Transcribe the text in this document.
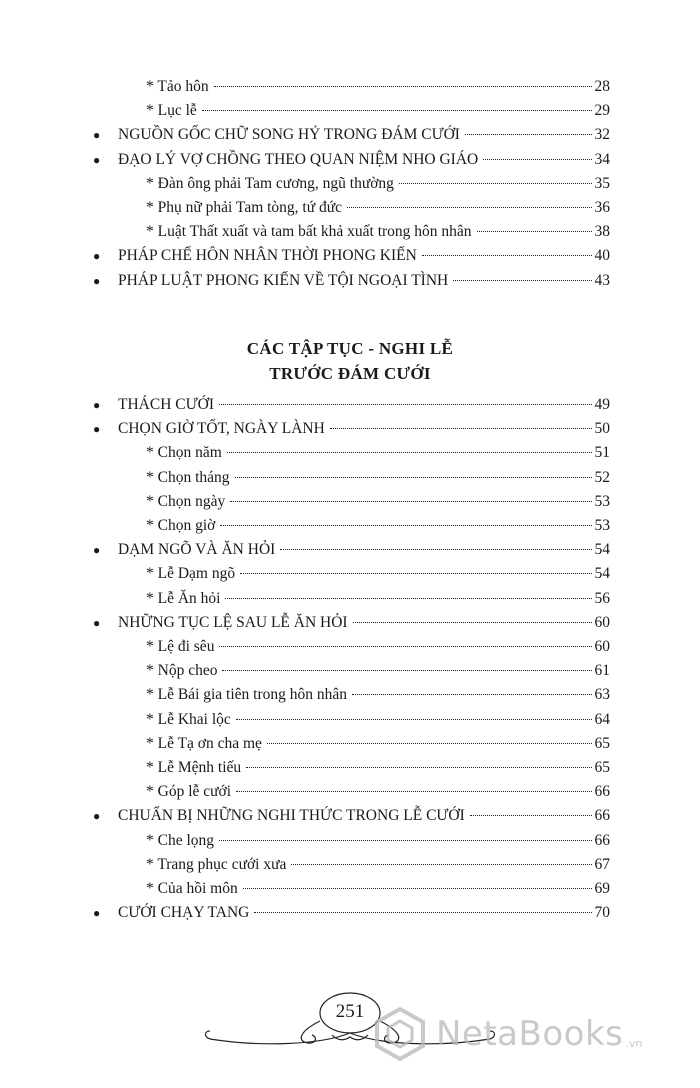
* Tảo hôn	28
* Lục lễ	29
● NGUỒN GỐC CHỮ SONG HỶ TRONG ĐÁM CƯỚI	32
● ĐẠO LÝ VỢ CHỒNG THEO QUAN NIỆM NHO GIÁO	34
* Đàn ông phải Tam cương, ngũ thường	35
* Phụ nữ phải Tam tòng, tứ đức	36
* Luật Thất xuất và tam bất khả xuất trong hôn nhân	38
● PHÁP CHẾ HÔN NHÂN THỜI PHONG KIẾN	40
● PHÁP LUẬT PHONG KIẾN VỀ TỘI NGOẠI TÌNH	43
● THÁCH CƯỚI	49
● CHỌN GIỜ TỐT, NGÀY LÀNH	50
* Chọn năm	51
* Chọn tháng	52
* Chọn ngày	53
* Chọn giờ	53
● DẠM NGÕ VÀ ĂN HỎI	54
* Lễ Dạm ngõ	54
* Lễ Ăn hỏi	56
● NHỮNG TỤC LỆ SAU LỄ ĂN HỎI	60
* Lệ đi sêu	60
* Nộp cheo	61
* Lễ Bái gia tiên trong hôn nhân	63
* Lễ Khai lộc	64
* Lễ Tạ ơn cha mẹ	65
* Lễ Mệnh tiếu	65
* Góp lễ cưới	66
● CHUẨN BỊ NHỮNG NGHI THỨC TRONG LỄ CƯỚI	66
* Che lọng	66
* Trang phục cưới xưa	67
* Của hồi môn	69
● CƯỚI CHẠY TANG	70
CÁC TẬP TỤC - NGHI LỄ
TRƯỚC ĐÁM CƯỚI
251
NetaBooks .vn
